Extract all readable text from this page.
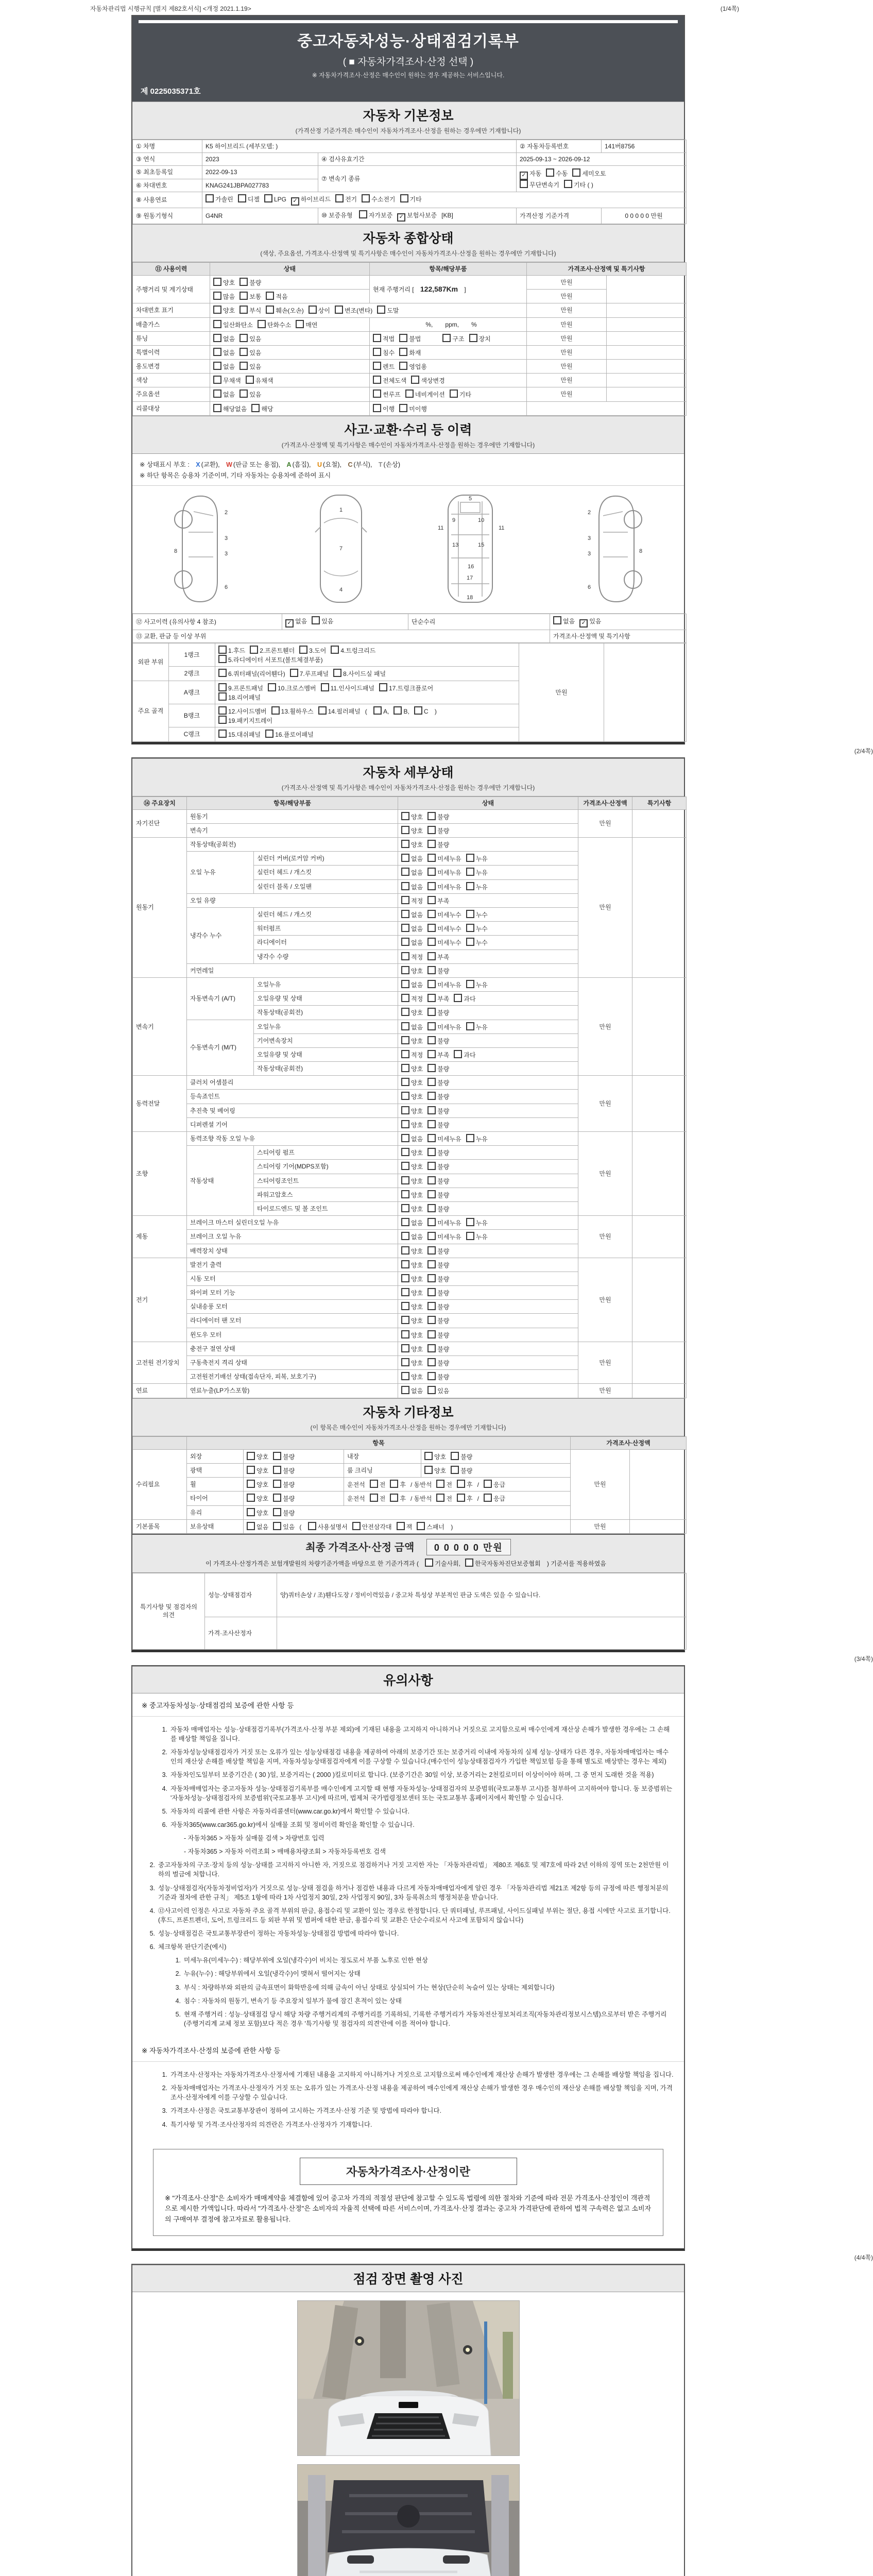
자동차관리법 시행규칙 [별지 제82호서식] <개정 2021.1.19>	(1/4쪽)
중고자동차성능·상태점검기록부
( ■ 자동차가격조사·산정 선택 )
※ 자동차가격조사·산정은 매수인이 원하는 경우 제공하는 서비스입니다.
제 0225035371호
자동차 기본정보
(가격산정 기준가격은 매수인이 자동차가격조사·산정을 원하는 경우에만 기재합니다)
① 차명	K5 하이브리드 (세부모델: )		② 자동차등록번호	141버8756
③ 연식	2023	④ 검사유효기간	2025-09-13 ~ 2026-09-12	
⑤ 최초등록일	2022-09-13	⑦ 변속기 종류	✓ 자동 수동 세미오토
무단변속기 기타 ( )	
⑥ 차대번호	KNAG241JBPA027783			
⑧ 사용연료	가솔린 디젤 LPG ✓ 하이브리드 전기 수소전기 기타			
⑨ 원동기형식	G4NR	⑩ 보증유형 자가보증 ✓ 보험사보증 [KB]	가격산정 기준가격	0 0 0 0 0 만원
자동차 종합상태
(색상, 주요옵션, 가격조사·산정액 및 특기사항은 매수인이 자동차가격조사·산정을 원하는 경우에만 기재합니다)
⑪ 사용이력	상태	항목/해당부품	가격조사·산정액 및 특기사항	
주행거리 및 계기상태	양호 불량	현재 주행거리 [ 122,587Km ]	만원	
	많음 보통 적음		만원	
차대번호 표기	양호 부식 훼손(오손) 상이 변조(변타) 도말		만원	
배출가스	일산화탄소 탄화수소 매연	　%,　　ppm,　　%	만원	
튜닝	없음 있음	적법 불법　　 구조 장치	만원	
특별이력	없음 있음	침수 화재	만원	
용도변경	없음 있음	렌트 영업용	만원	
색상	무채색 유채색	전체도색 색상변경	만원	
주요옵션	없음 있음	썬루프 네비게이션 기타	만원	
리콜대상	해당없음 해당	이행 미이행		
사고·교환·수리 등 이력
(가격조사·산정액 및 특기사항은 매수인이 자동차가격조사·산정을 원하는 경우에만 기재합니다)
※ 상태표시 부호 : X (교환), W (판금 또는 용접), A (흠집), U (요철), C (부식), T (손상)
※ 하단 항목은 승용차 기준이며, 기타 자동차는 승용차에 준하여 표시
2
3
3
6
8
1
7
4
5
9	10
11	11
13	15
16
17
18
2
3
3
6
8
⑫ 사고이력 (유의사항 4 참조)	✓ 없음 있음	단순수리	없음 ✓ 있음
⑬ 교환, 판금 등 이상 부위			가격조사·산정액 및 특기사항
외판 부위	1랭크	1.후드 2.프론트휀더 3.도어 4.트렁크리드
5.라디에이터 서포트(볼트체결부품)	만원	
	2랭크	6.쿼터패널(리어휀다) 7.루프패널 8.사이드실 패널		
주요 골격	A랭크	9.프론트패널 10.크로스멤버 11.인사이드패널 17.트렁크플로어
18.리어패널		
	B랭크	12.사이드멤버 13.휠하우스 14.필러패널 ( A, B, C )
19.패키지트레이		
	C랭크	15.대쉬패널 16.플로어패널		
(2/4쪽)
자동차 세부상태
(가격조사·산정액 및 특기사항은 매수인이 자동차가격조사·산정을 원하는 경우에만 기재합니다)
⑭ 주요장치	항목/해당부품		상태	가격조사·산정액	특기사항
자기진단	원동기		양호 불량	만원	
	변속기		양호 불량		
원동기	작동상태(공회전)		양호 불량	만원	
	오일 누유	실린더 커버(로커암 커버)	없음 미세누유 누유		
		실린더 헤드 / 개스킷	없음 미세누유 누유		
		실린더 블록 / 오일팬	없음 미세누유 누유		
	오일 유량		적정 부족		
	냉각수 누수	실린더 헤드 / 개스킷	없음 미세누수 누수		
		워터펌프	없음 미세누수 누수		
		라디에이터	없음 미세누수 누수		
		냉각수 수량	적정 부족		
	커먼레일		양호 불량		
변속기	자동변속기 (A/T)	오일누유	없음 미세누유 누유	만원	
		오일유량 및 상태	적정 부족 과다		
		작동상태(공회전)	양호 불량		
	수동변속기 (M/T)	오일누유	없음 미세누유 누유		
		기어변속장치	양호 불량		
		오일유량 및 상태	적정 부족 과다		
		작동상태(공회전)	양호 불량		
동력전달	클러치 어셈블리		양호 불량	만원	
	등속죠인트		양호 불량		
	추진축 및 베어링		양호 불량		
	디퍼렌셜 기어		양호 불량		
조향	동력조향 작동 오일 누유		없음 미세누유 누유	만원	
	작동상태	스티어링 펌프	양호 불량		
		스티어링 기어(MDPS포함)	양호 불량		
		스티어링조인트	양호 불량		
		파워고압호스	양호 불량		
		타이로드엔드 및 볼 조인트	양호 불량		
제동	브레이크 마스터 실린더오일 누유		없음 미세누유 누유	만원	
	브레이크 오일 누유		없음 미세누유 누유		
	배력장치 상태		양호 불량		
전기	발전기 출력		양호 불량	만원	
	시동 모터		양호 불량		
	와이퍼 모터 기능		양호 불량		
	실내송풍 모터		양호 불량		
	라디에이터 팬 모터		양호 불량		
	윈도우 모터		양호 불량		
고전원 전기장치	충전구 절연 상태		양호 불량	만원	
	구동축전지 격리 상태		양호 불량		
	고전원전기배선 상태(접속단자, 피복, 보호기구)		양호 불량		
연료	연료누출(LP가스포함)		없음 있음	만원	
자동차 기타정보
(이 항목은 매수인이 자동차가격조사·산정을 원하는 경우에만 기재합니다)
	항목				가격조사·산정액	
수리필요	외장	양호 불량	내장	양호 불량	만원	
	광택	양호 불량	룸 크리닝	양호 불량		
	휠	양호 불량	운전석 전 후 / 동반석 전 후 / 응급			
	타이어	양호 불량	운전석 전 후 / 동반석 전 후 / 응급			
	유리	양호 불량				
기본품목	보유상태	없음 있음 ( 사용설명서 안전삼각대 잭 스패너 )			만원	
최종 가격조사·산정 금액 0 0 0 0 0 만원
이 가격조사·산정가격은 보험개발원의 차량기준가액을 바탕으로 한 기준가격과 ( 기술사회, 한국자동차진단보증협회 ) 기준서를 적용하였음
특기사항 및 점검자의 의견	성능·상태점검자	양)쿼터손상 / 조)휀다도장 / 정비이력있음 / 중고차 특성상 부분적인 판금 도색은 있을 수 있습니다.
	가격·조사산정자	
(3/4쪽)
유의사항
※ 중고자동차성능·상태점검의 보증에 관한 사항 등
1. 자동차 매매업자는 성능·상태점검기록부(가격조사·산정 부분 제외)에 기재된 내용을 고지하지 아니하거나 거짓으로 고지함으로써 매수인에게 재산상 손해가 발생한 경우에는 그 손해를 배상할 책임을 집니다.
2. 자동차성능상태점검자가 거짓 또는 오류가 있는 성능상태점검 내용을 제공하여 아래의 보증기간 또는 보증거리 이내에 자동차의 실제 성능·상태가 다른 경우, 자동차매매업자는 매수인의 재산상 손해를 배상할 책임을 지며, 자동차성능상태점검자에게 이를 구상할 수 있습니다.(매수인이 성능상태점검자가 가입한 책임보험 등을 통해 별도로 배상받는 경우는 제외)
3. 자동차인도일부터 보증기간은 ( 30 )일, 보증거리는 ( 2000 )킬로미터로 합니다. (보증기간은 30일 이상, 보증거리는 2천킬로미터 이상이어야 하며, 그 중 먼저 도래한 것을 적용)
4. 자동차매매업자는 중고자동차 성능·상태점검기록부를 매수인에게 고지할 때 현행 자동차성능·상태점검자의 보증범위(국토교통부 고시)를 첨부하여 고지하여야 합니다. 동 보증범위는 '자동차성능·상태점검자의 보증범위'(국토교통부 고시)에 따르며, 법제처 국가법령정보센터 또는 국토교통부 홈페이지에서 확인할 수 있습니다.
5. 자동차의 리콜에 관한 사항은 자동차리콜센터(www.car.go.kr)에서 확인할 수 있습니다.
6. 자동차365(www.car365.go.kr)에서 실매물 조회 및 정비이력 확인을 확인할 수 있습니다.
- 자동차365 > 자동차 실매물 검색 > 차량번호 입력
- 자동차365 > 자동차 이력조회 > 매매용차량조회 > 자동차등록번호 검색
2. 중고자동차의 구조·장치 등의 성능·상태를 고지하지 아니한 자, 거짓으로 점검하거나 거짓 고지한 자는 「자동차관리법」 제80조 제6호 및 제7호에 따라 2년 이하의 징역 또는 2천만원 이하의 벌금에 처합니다.
3. 성능·상태점검자(자동차정비업자)가 거짓으로 성능·상태 점검을 하거나 점검한 내용과 다르게 자동차매매업자에게 알린 경우 「자동차관리법 제21조 제2항 등의 규정에 따른 행정처분의 기준과 절차에 관한 규칙」 제5조 1항에 따라 1차 사업정지 30일, 2차 사업정지 90일, 3차 등록취소의 행정처분을 받습니다.
4. ⑫사고이력 인정은 사고로 자동차 주요 골격 부위의 판금, 용접수리 및 교환이 있는 경우로 한정합니다. 단 쿼터패널, 루프패널, 사이드실패널 부위는 절단, 용접 시에만 사고로 표기합니다. (후드, 프론트펜더, 도어, 트렁크리드 등 외판 부위 및 범퍼에 대한 판금, 용접수리 및 교환은 단순수리로서 사고에 포함되지 않습니다)
5. 성능·상태점검은 국토교통부장관이 정하는 자동차성능·상태점검 방법에 따라야 합니다.
6. 체크항목 판단기준(예시)
1. 미세누유(미세누수) : 해당부위에 오일(냉각수)이 비치는 정도로서 부품 노후로 인한 현상
2. 누유(누수) : 해당부위에서 오일(냉각수)이 맺혀서 떨어지는 상태
3. 부식 : 차량하부와 외판의 금속표면이 화학반응에 의해 금속이 아닌 상태로 상실되어 가는 현상(단순히 녹슬어 있는 상태는 제외합니다)
4. 침수 : 자동차의 원동기, 변속기 등 주요장치 일부가 물에 잠긴 흔적이 있는 상태
5. 현재 주행거리 : 성능·상태점검 당시 해당 차량 주행거리계의 주행거리를 기록하되, 기록한 주행거리가 자동차전산정보처리조직(자동차관리정보시스템)으로부터 받은 주행거리(주행거리계 교체 정보 포함)보다 적은 경우 '특기사항 및 점검자의 의견'란에 이를 적어야 합니다.
※ 자동차가격조사·산정의 보증에 관한 사항 등
1. 가격조사·산정자는 자동차가격조사·산정서에 기재된 내용을 고지하지 아니하거나 거짓으로 고지함으로써 매수인에게 재산상 손해가 발생한 경우에는 그 손해를 배상할 책임을 집니다.
2. 자동차매매업자는 가격조사·산정자가 거짓 또는 오류가 있는 가격조사·산정 내용을 제공하여 매수인에게 재산상 손해가 발생한 경우 매수인의 재산상 손해를 배상할 책임을 지며, 가격조사·산정자에게 이를 구상할 수 있습니다.
3. 가격조사·산정은 국토교통부장관이 정하여 고시하는 가격조사·산정 기준 및 방법에 따라야 합니다.
4. 특기사항 및 가격·조사산정자의 의견란은 가격조사·산정자가 기재합니다.
자동차가격조사·산정이란
※ "가격조사·산정"은 소비자가 매매계약을 체결함에 있어 중고차 가격의 적절성 판단에 참고할 수 있도록 법령에 의한 절차와 기준에 따라 전문 가격조사·산정인이 객관적으로 제시한 가액입니다. 따라서 "가격조사·산정"은 소비자의 자율적 선택에 따른 서비스이며, 가격조사·산정 결과는 중고차 가격판단에 관하여 법적 구속력은 없고 소비자의 구매여부 결정에 참고자료로 활용됩니다.
(4/4쪽)
점검 장면 촬영 사진
